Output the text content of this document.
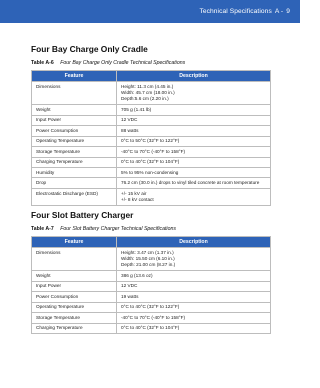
Technical Specifications A - 9
Four Bay Charge Only Cradle
Table A-6 Four Bay Charge Only Cradle Technical Specifications
Feature	Description
Dimensions	Height: 11.3 cm (4.45 in.)
Width: 45.7 cm (18.00 in.)
Depth:5.6 cm (2.20 in.)

Weight	705 g (1.41 lb)

Input Power	12 VDC

Power Consumption	88 watts

Operating Temperature	0°C to 50°C (32°F to 122°F)

Storage Temperature	-40°C to 70°C (-40°F to 158°F)

Charging Temperature	0°C to 40°C (32°F to 104°F)

Humidity	5% to 95% non-condensing

Drop	76.2 cm (30.0 in.) drops to vinyl tiled concrete at room temperature

Electrostatic Discharge (ESD)	+/- 15 kV air
+/- 8 kV contact
Four Slot Battery Charger
Table A-7 Four Slot Battery Charger Technical Specifications
Feature	Description
Dimensions	Height: 3.47 cm (1.37 in.)
Width: 15.50 cm (6.10 in.)
Depth: 21.00 cm (8.27 in.)

Weight	386 g (13.6 oz)

Input Power	12 VDC

Power Consumption	19 watts

Operating Temperature	0°C to 40°C (32°F to 122°F)

Storage Temperature	-40°C to 70°C (-40°F to 158°F)

Charging Temperature	0°C to 40°C (32°F to 104°F)
